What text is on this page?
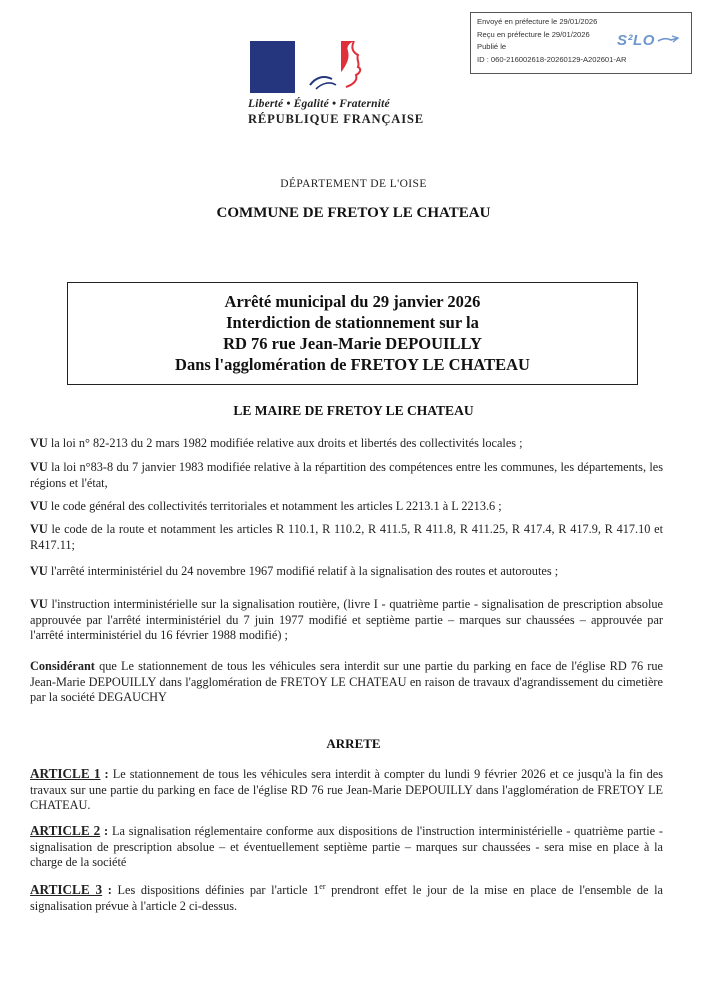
Envoyé en préfecture le 29/01/2026
Reçu en préfecture le 29/01/2026
Publié le
ID : 060-216002618-20260129-A202601-AR
S²LO
Liberté • Égalité • Fraternité
RÉPUBLIQUE FRANÇAISE
DÉPARTEMENT DE L'OISE
COMMUNE DE FRETOY LE CHATEAU
Arrêté municipal du 29 janvier 2026
Interdiction de stationnement sur la
RD 76 rue Jean-Marie DEPOUILLY
Dans l'agglomération de FRETOY LE CHATEAU
LE MAIRE DE FRETOY LE CHATEAU
VU la loi n° 82-213 du 2 mars 1982 modifiée relative aux droits et libertés des collectivités locales ;
VU la loi n°83-8 du 7 janvier 1983 modifiée relative à la répartition des compétences entre les communes, les départements, les régions et l'état,
VU le code général des collectivités territoriales et notamment les articles L 2213.1 à L 2213.6 ;
VU le code de la route et notamment les articles R 110.1, R 110.2, R 411.5, R 411.8, R 411.25, R 417.4, R 417.9, R 417.10 et R417.11;
VU l'arrêté interministériel du 24 novembre 1967 modifié relatif à la signalisation des routes et autoroutes ;
VU l'instruction interministérielle sur la signalisation routière, (livre I - quatrième partie - signalisation de prescription absolue approuvée par l'arrêté interministériel du 7 juin 1977 modifié et septième partie – marques sur chaussées – approuvée par l'arrêté interministériel du 16 février 1988 modifié) ;
Considérant que Le stationnement de tous les véhicules sera interdit sur une partie du parking en face de l'église RD 76 rue Jean-Marie DEPOUILLY dans l'agglomération de FRETOY LE CHATEAU en raison de travaux d'agrandissement du cimetière par la société DEGAUCHY
ARRETE
ARTICLE 1 : Le stationnement de tous les véhicules sera interdit à compter du lundi 9 février 2026 et ce jusqu'à la fin des travaux sur une partie du parking en face de l'église RD 76 rue Jean-Marie DEPOUILLY dans l'agglomération de FRETOY LE CHATEAU.
ARTICLE 2 : La signalisation réglementaire conforme aux dispositions de l'instruction interministérielle - quatrième partie - signalisation de prescription absolue – et éventuellement septième partie – marques sur chaussées - sera mise en place à la charge de la société
ARTICLE 3 : Les dispositions définies par l'article 1er prendront effet le jour de la mise en place de l'ensemble de la signalisation prévue à l'article 2 ci-dessus.
